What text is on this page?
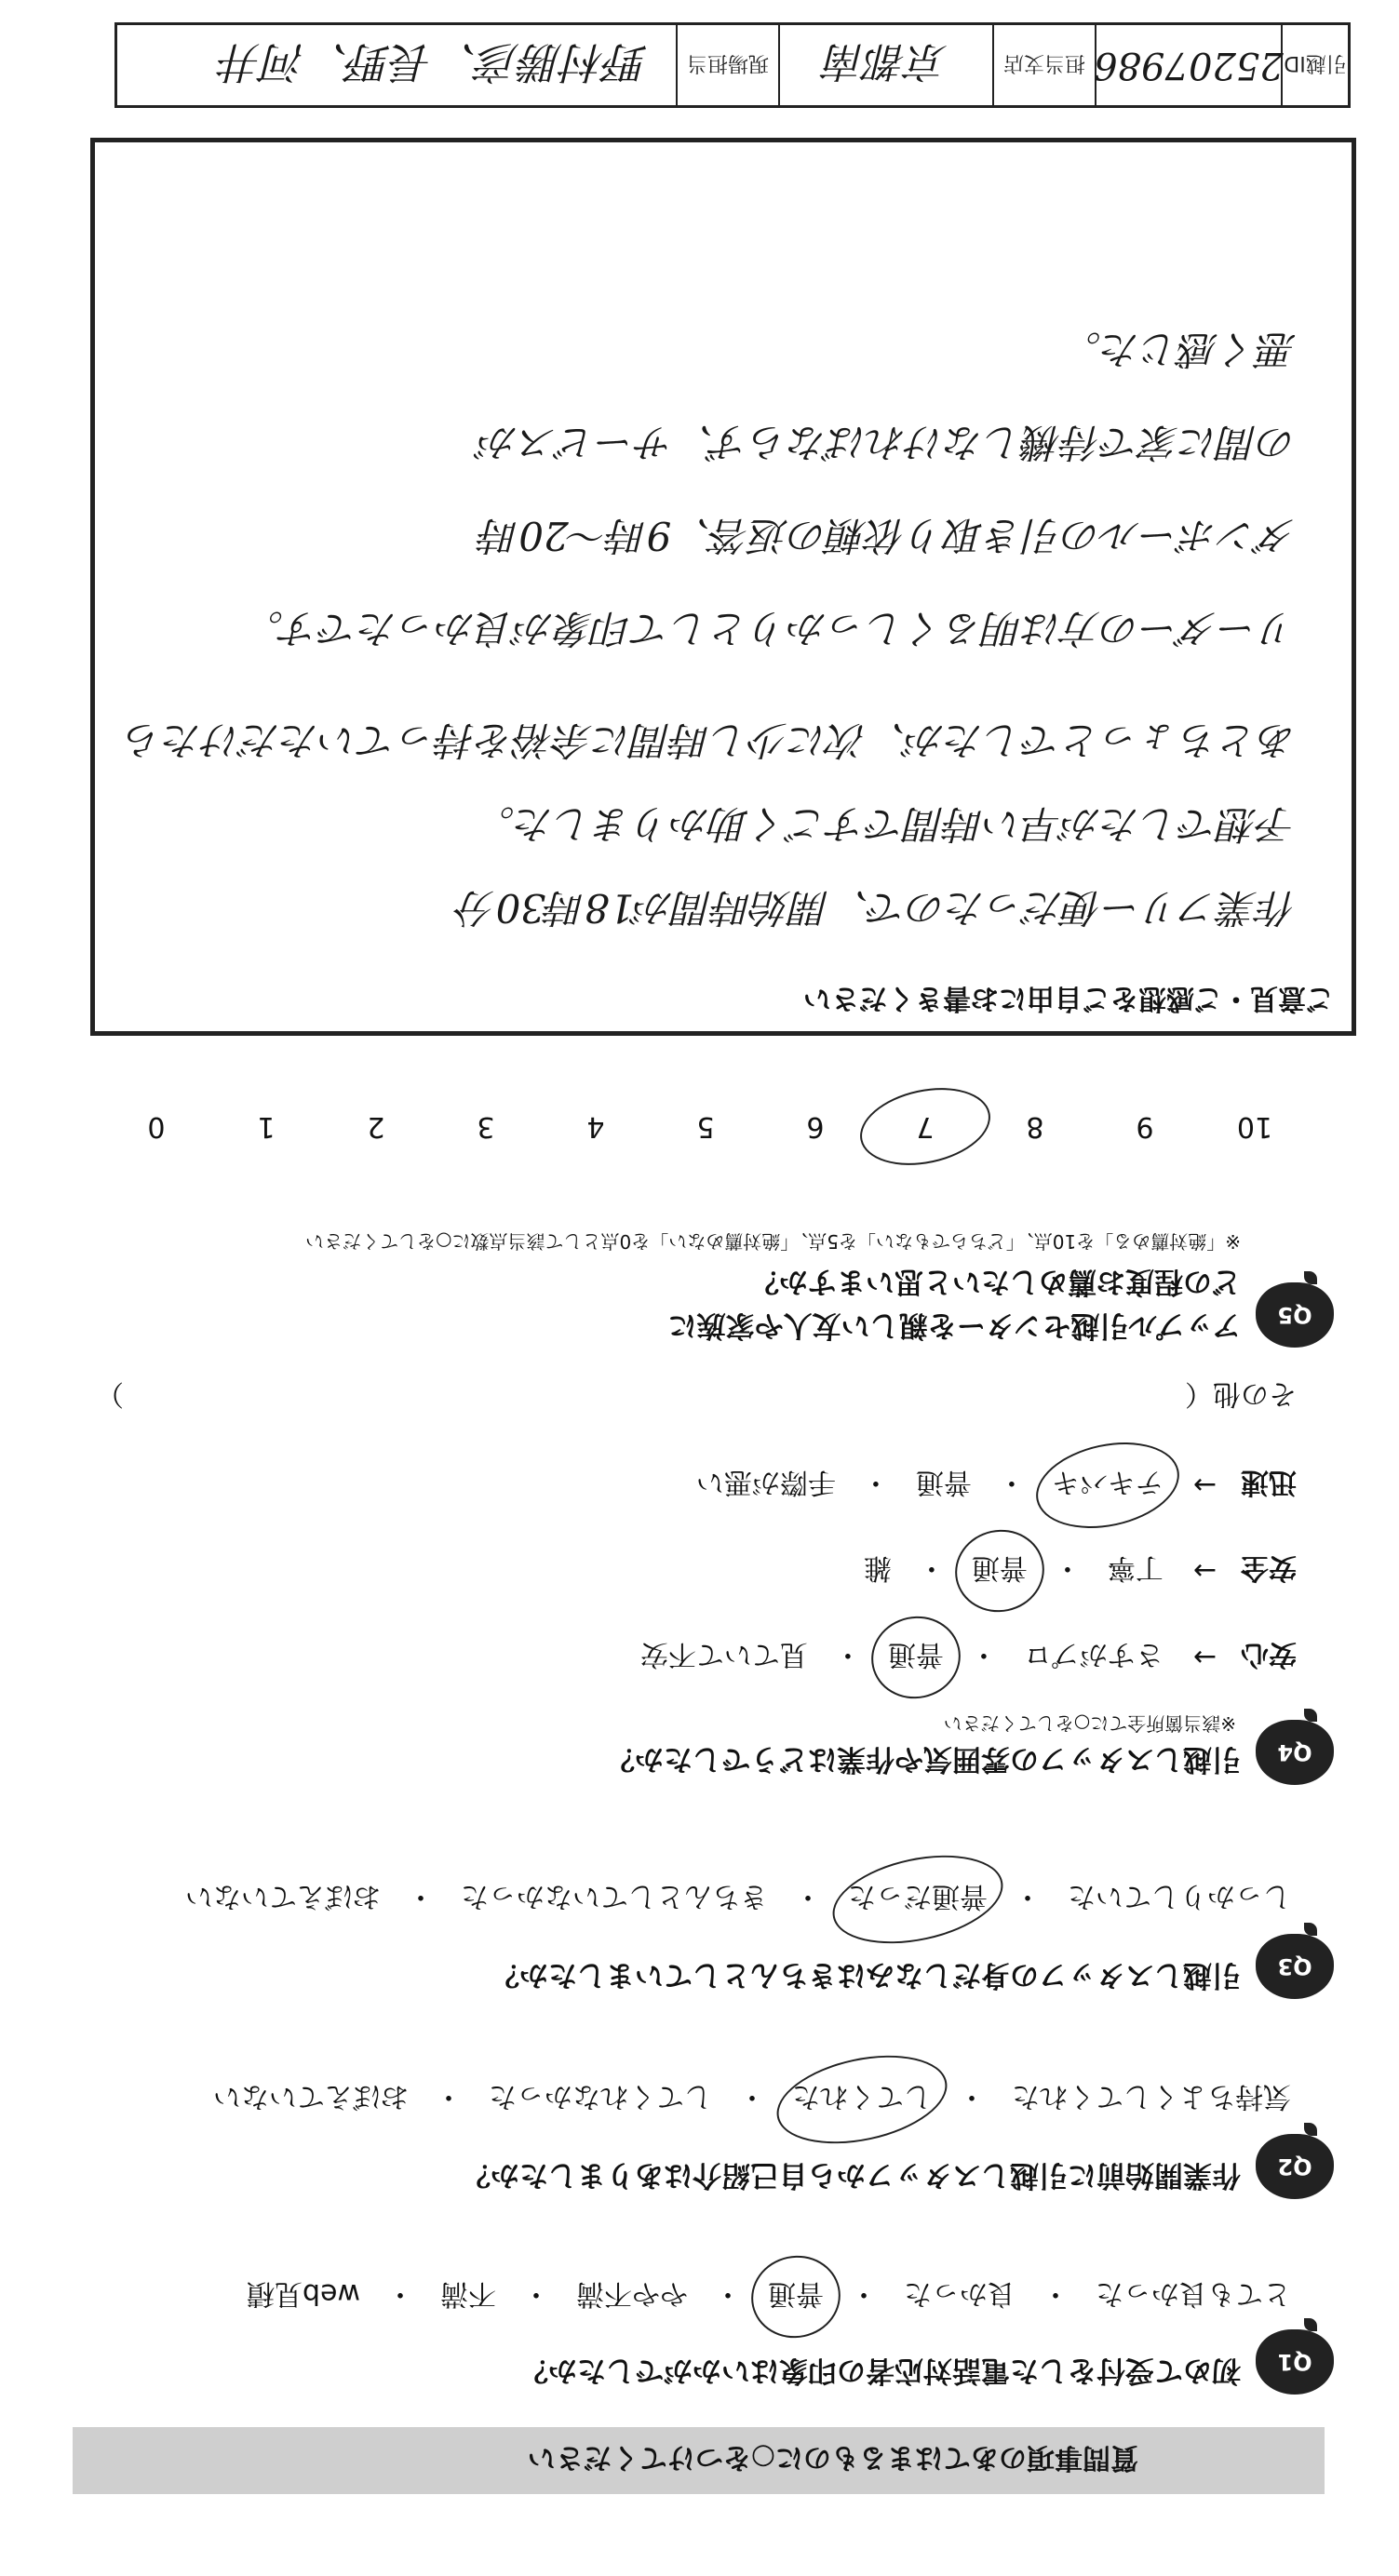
引越ID
25207986
担当支店
京都南
現場担当
野村勝彦、長野、河井
ご意見・ご感想をご自由にお書きください
作業フリー便だったので、開始時間が18時30分
予想でしたが早い時間ですごく助かりました。
あとちょっとでしたが、次に少し時間に余裕を持っていただけたら
リーダーの方は明るくしっかりとして印象が良かったです。
ダンボールの引き取り依頼の返答、9時〜20時
の間に家で待機しなければならず、サービスが
悪く感じた。
Q5
アップル引越センターを親しい友人や家族に
どの程度お薦めしたいと思いますか？
※「絶対薦める」を10点、「どちらでもない」を5点、「絶対薦めない」を0点として該当点数に○をしてください
10
9
8
7
6
5
4
3
2
1
0
Q4
引越しスタッフの雰囲気や作業はどうでしたか？
※該当箇所全てに○をしてください
安心
→
さすがプロ
・
普通
・
見ていて不安
安全
→
丁寧
・
普通
・
雑
迅速
→
テキパキ
・
普通
・
手際が悪い
その他（
）
Q3
引越しスタッフの身だしなみはきちんとしていましたか？
しっかりしていた
・
普通だった
・
きちんとしていなかった
・
おぼえていない
Q2
作業開始前に引越しスタッフから自己紹介はありましたか？
気持ちよくしてくれた
・
してくれた
・
してくれなかった
・
おぼえていない
Q1
初めて受付をした電話対応者の印象はいかがでしたか？
とても良かった
・
良かった
・
普通
・
やや不満
・
不満
・
web見積
質問事項のあてはまるものに○をつけてください
